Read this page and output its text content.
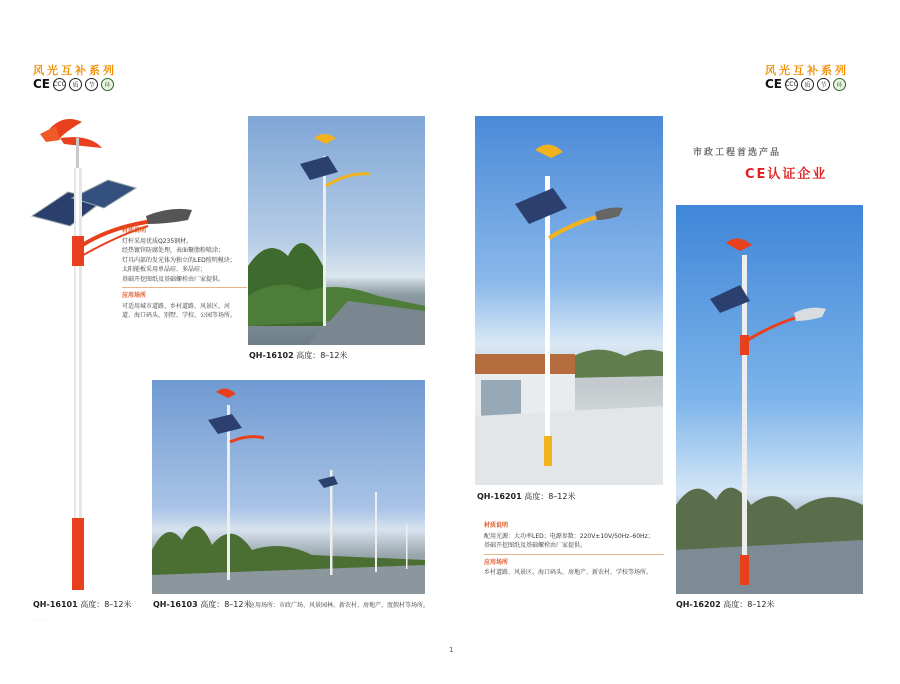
风光互补系列
CE CCC	质	节	环
QH-16102 高度：8–12米
材质说明
灯杆采用优质Q235钢材。
经热镀锌防腐处理，表面聚脂粉喷涂；
灯具内部的发光体为独立的LED照明模块；
太阳能板采用单晶硅、多晶硅；
基础开挖图纸及基础螺栓由厂家提供。
应用场所
可适用城市道路、乡村道路、风景区、河
道、海口码头、别墅、学校、公园等场所。
QH-16101 高度：8–12米	QH-16103 高度：8–12米
应用场所：市政广场、风景园林、新农村、房地产、度假村等场所。
· · ·
风光互补系列
CE CCC	质	节	环
市政工程首选产品
CE认证企业
QH-16201 高度：8–12米
材质说明
配用光源：大功率LED；电源参数：220V±10V/50Hz–60Hz；
基础开挖图纸及基础螺栓由厂家提供。
应用场所
乡村道路、风景区、海口码头、房地产、新农村、学校等场所。
QH-16202 高度：8–12米
1
